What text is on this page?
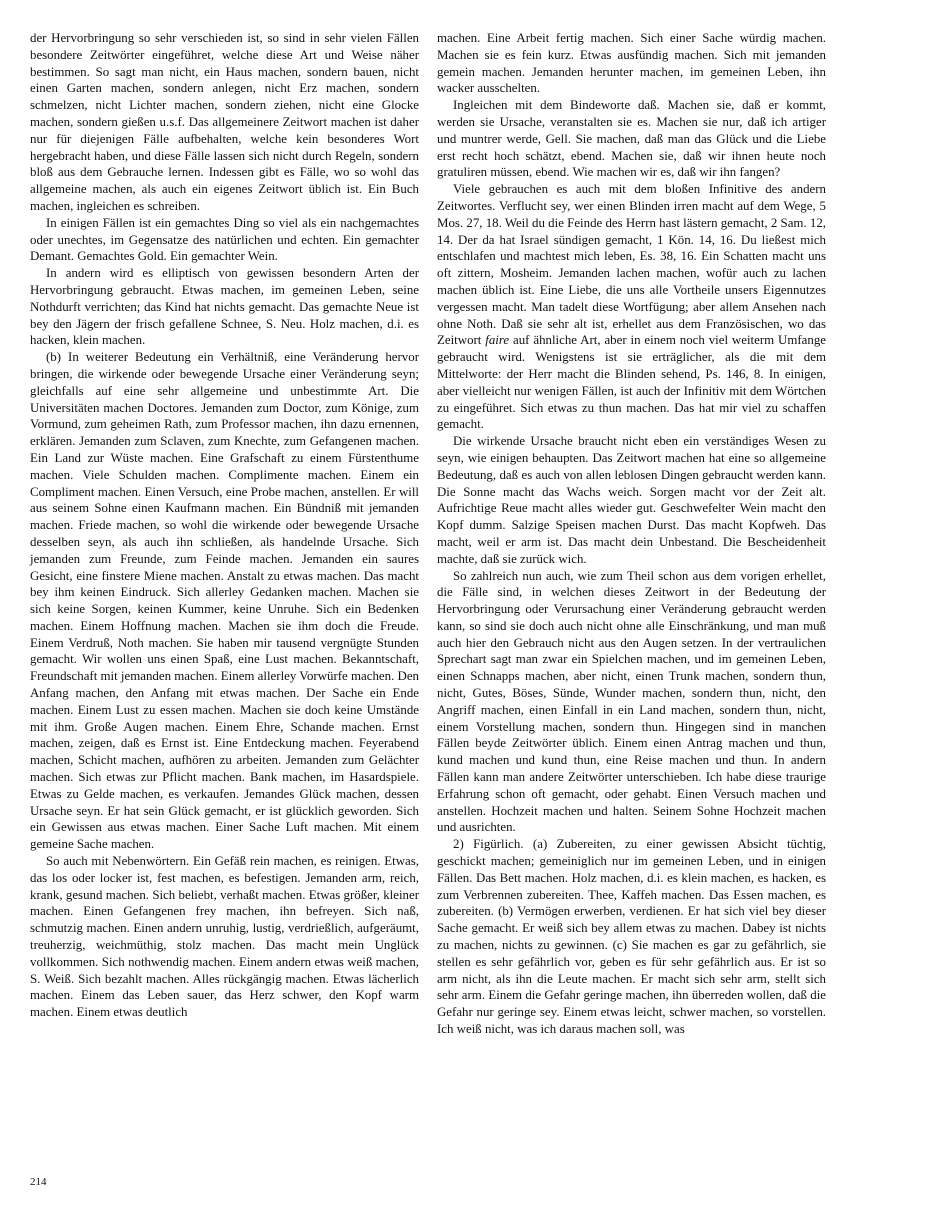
der Hervorbringung so sehr verschieden ist, so sind in sehr vielen Fällen besondere Zeitwörter eingeführet, welche diese Art und Weise näher bestimmen. So sagt man nicht, ein Haus machen, sondern bauen, nicht einen Garten machen, sondern anlegen, nicht Erz machen, sondern schmelzen, nicht Lichter machen, sondern ziehen, nicht eine Glocke machen, sondern gießen u.s.f. Das allgemeinere Zeitwort machen ist daher nur für diejenigen Fälle aufbehalten, welche kein besonderes Wort hergebracht haben, und diese Fälle lassen sich nicht durch Regeln, sondern bloß aus dem Gebrauche lernen. Indessen gibt es Fälle, wo so wohl das allgemeine machen, als auch ein eigenes Zeitwort üblich ist. Ein Buch machen, ingleichen es schreiben.

In einigen Fällen ist ein gemachtes Ding so viel als ein nachgemachtes oder unechtes, im Gegensatze des natürlichen und echten. Ein gemachter Demant. Gemachtes Gold. Ein gemachter Wein.

In andern wird es elliptisch von gewissen besondern Arten der Hervorbringung gebraucht. Etwas machen, im gemeinen Leben, seine Nothdurft verrichten; das Kind hat nichts gemacht. Das gemachte Neue ist bey den Jägern der frisch gefallene Schnee, S. Neu. Holz machen, d.i. es hacken, klein machen.

(b) In weiterer Bedeutung ein Verhältniß, eine Veränderung hervor bringen, die wirkende oder bewegende Ursache einer Veränderung seyn; gleichfalls auf eine sehr allgemeine und unbestimmte Art. Die Universitäten machen Doctores. Jemanden zum Doctor, zum Könige, zum Vormund, zum geheimen Rath, zum Professor machen, ihn dazu ernennen, erklären. Jemanden zum Sclaven, zum Knechte, zum Gefangenen machen. Ein Land zur Wüste machen. Eine Grafschaft zu einem Fürstenthume machen. Viele Schulden machen. Complimente machen. Einem ein Compliment machen. Einen Versuch, eine Probe machen, anstellen. Er will aus seinem Sohne einen Kaufmann machen. Ein Bündniß mit jemanden machen. Friede machen, so wohl die wirkende oder bewegende Ursache desselben seyn, als auch ihn schließen, als handelnde Ursache. Sich jemanden zum Freunde, zum Feinde machen. Jemanden ein saures Gesicht, eine finstere Miene machen. Anstalt zu etwas machen. Das macht bey ihm keinen Eindruck. Sich allerley Gedanken machen. Machen sie sich keine Sorgen, keinen Kummer, keine Unruhe. Sich ein Bedenken machen. Einem Hoffnung machen. Machen sie ihm doch die Freude. Einem Verdruß, Noth machen. Sie haben mir tausend vergnügte Stunden gemacht. Wir wollen uns einen Spaß, eine Lust machen. Bekanntschaft, Freundschaft mit jemanden machen. Einem allerley Vorwürfe machen. Den Anfang machen, den Anfang mit etwas machen. Der Sache ein Ende machen. Einem Lust zu essen machen. Machen sie doch keine Umstände mit ihm. Große Augen machen. Einem Ehre, Schande machen. Ernst machen, zeigen, daß es Ernst ist. Eine Entdeckung machen. Feyerabend machen, Schicht machen, aufhören zu arbeiten. Jemanden zum Gelächter machen. Sich etwas zur Pflicht machen. Bank machen, im Hasardspiele. Etwas zu Gelde machen, es verkaufen. Jemandes Glück machen, dessen Ursache seyn. Er hat sein Glück gemacht, er ist glücklich geworden. Sich ein Gewissen aus etwas machen. Einer Sache Luft machen. Mit einem gemeine Sache machen.

So auch mit Nebenwörtern. Ein Gefäß rein machen, es reinigen. Etwas, das los oder locker ist, fest machen, es befestigen. Jemanden arm, reich, krank, gesund machen. Sich beliebt, verhaßt machen. Etwas größer, kleiner machen. Einen Gefangenen frey machen, ihn befreyen. Sich naß, schmutzig machen. Einen andern unruhig, lustig, verdrießlich, aufgeräumt, treuherzig, weichmüthig, stolz machen. Das macht mein Unglück vollkommen. Sich nothwendig machen. Einem andern etwas weiß machen, S. Weiß. Sich bezahlt machen. Alles rückgängig machen. Etwas lächerlich machen. Einem das Leben sauer, das Herz schwer, den Kopf warm machen. Einem etwas deutlich

machen. Eine Arbeit fertig machen. Sich einer Sache würdig machen. Machen sie es fein kurz. Etwas ausfündig machen. Sich mit jemanden gemein machen. Jemanden herunter machen, im gemeinen Leben, ihn wacker ausschelten.

Ingleichen mit dem Bindeworte daß. Machen sie, daß er kommt, werden sie Ursache, veranstalten sie es. Machen sie nur, daß ich artiger und muntrer werde, Gell. Sie machen, daß man das Glück und die Liebe erst recht hoch schätzt, ebend. Machen sie, daß wir ihnen heute noch gratuliren müssen, ebend. Wie machen wir es, daß wir ihn fangen?

Viele gebrauchen es auch mit dem bloßen Infinitive des andern Zeitwortes. Verflucht sey, wer einen Blinden irren macht auf dem Wege, 5 Mos. 27, 18. Weil du die Feinde des Herrn hast lästern gemacht, 2 Sam. 12, 14. Der da hat Israel sündigen gemacht, 1 Kön. 14, 16. Du ließest mich entschlafen und machtest mich leben, Es. 38, 16. Ein Schatten macht uns oft zittern, Mosheim. Jemanden lachen machen, wofür auch zu lachen machen üblich ist. Eine Liebe, die uns alle Vortheile unsers Eigennutzes vergessen macht. Man tadelt diese Wortfügung; aber allem Ansehen nach ohne Noth. Daß sie sehr alt ist, erhellet aus dem Französischen, wo das Zeitwort faire auf ähnliche Art, aber in einem noch viel weiterm Umfange gebraucht wird. Wenigstens ist sie erträglicher, als die mit dem Mittelworte: der Herr macht die Blinden sehend, Ps. 146, 8. In einigen, aber vielleicht nur wenigen Fällen, ist auch der Infinitiv mit dem Wörtchen zu eingeführet. Sich etwas zu thun machen. Das hat mir viel zu schaffen gemacht.

Die wirkende Ursache braucht nicht eben ein verständiges Wesen zu seyn, wie einigen behaupten. Das Zeitwort machen hat eine so allgemeine Bedeutung, daß es auch von allen leblosen Dingen gebraucht werden kann. Die Sonne macht das Wachs weich. Sorgen macht vor der Zeit alt. Aufrichtige Reue macht alles wieder gut. Geschwefelter Wein macht den Kopf dumm. Salzige Speisen machen Durst. Das macht Kopfweh. Das macht, weil er arm ist. Das macht dein Unbestand. Die Bescheidenheit machte, daß sie zurück wich.

So zahlreich nun auch, wie zum Theil schon aus dem vorigen erhellet, die Fälle sind, in welchen dieses Zeitwort in der Bedeutung der Hervorbringung oder Verursachung einer Veränderung gebraucht werden kann, so sind sie doch auch nicht ohne alle Einschränkung, und man muß auch hier den Gebrauch nicht aus den Augen setzen. In der vertraulichen Sprechart sagt man zwar ein Spielchen machen, und im gemeinen Leben, einen Schnapps machen, aber nicht, einen Trunk machen, sondern thun, nicht, Gutes, Böses, Sünde, Wunder machen, sondern thun, nicht, den Angriff machen, einen Einfall in ein Land machen, sondern thun, nicht, einem Vorstellung machen, sondern thun. Hingegen sind in manchen Fällen beyde Zeitwörter üblich. Einem einen Antrag machen und thun, kund machen und kund thun, eine Reise machen und thun. In andern Fällen kann man andere Zeitwörter unterschieben. Ich habe diese traurige Erfahrung schon oft gemacht, oder gehabt. Einen Versuch machen und anstellen. Hochzeit machen und halten. Seinem Sohne Hochzeit machen und ausrichten.

2) Figürlich. (a) Zubereiten, zu einer gewissen Absicht tüchtig, geschickt machen; gemeiniglich nur im gemeinen Leben, und in einigen Fällen. Das Bett machen. Holz machen, d.i. es klein machen, es hacken, es zum Verbrennen zubereiten. Thee, Kaffeh machen. Das Essen machen, es zubereiten. (b) Vermögen erwerben, verdienen. Er hat sich viel bey dieser Sache gemacht. Er weiß sich bey allem etwas zu machen. Dabey ist nichts zu machen, nichts zu gewinnen. (c) Sie machen es gar zu gefährlich, sie stellen es sehr gefährlich vor, geben es für sehr gefährlich aus. Er ist so arm nicht, als ihn die Leute machen. Er macht sich sehr arm, stellt sich sehr arm. Einem die Gefahr geringe machen, ihn überreden wollen, daß die Gefahr nur geringe sey. Einem etwas leicht, schwer machen, so vorstellen. Ich weiß nicht, was ich daraus machen soll, was

214
